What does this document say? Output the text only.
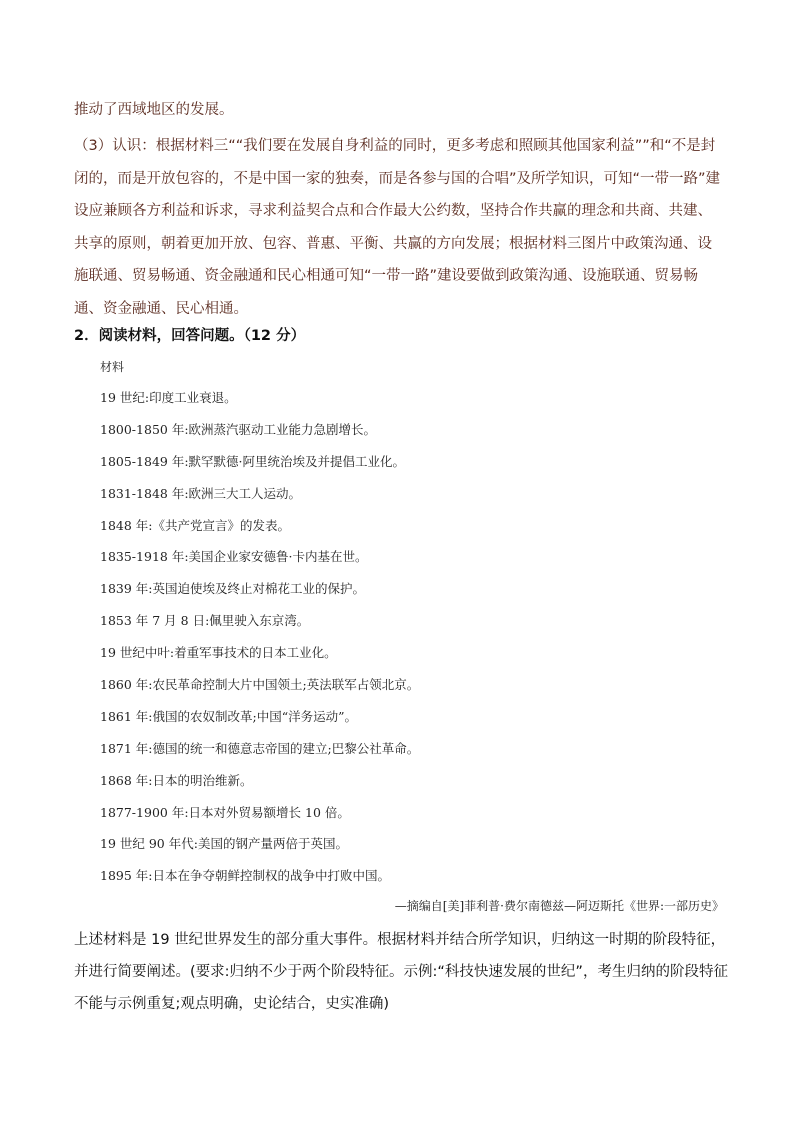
推动了西域地区的发展。

（3）认识：根据材料三““我们要在发展自身利益的同时，更多考虑和照顾其他国家利益””和“不是封闭的，而是开放包容的，不是中国一家的独奏，而是各参与国的合唱”及所学知识，可知“一带一路”建设应兼顾各方利益和诉求，寻求利益契合点和合作最大公约数，坚持合作共赢的理念和共商、共建、共享的原则，朝着更加开放、包容、普惠、平衡、共赢的方向发展；根据材料三图片中政策沟通、设施联通、贸易畅通、资金融通和民心相通可知“一带一路”建设要做到政策沟通、设施联通、贸易畅通、资金融通、民心相通。

2．阅读材料，回答问题。（12 分）
材料
19 世纪:印度工业衰退。
1800-1850 年:欧洲蒸汽驱动工业能力急剧增长。
1805-1849 年:默罕默德·阿里统治埃及并提倡工业化。
1831-1848 年:欧洲三大工人运动。
1848 年:《共产党宣言》的发表。
1835-1918 年:美国企业家安德鲁·卡内基在世。
1839 年:英国迫使埃及终止对棉花工业的保护。
1853 年 7 月 8 日:佩里驶入东京湾。
19 世纪中叶:着重军事技术的日本工业化。
1860 年:农民革命控制大片中国领土;英法联军占领北京。
1861 年:俄国的农奴制改革;中国“洋务运动”。
1871 年:德国的统一和德意志帝国的建立;巴黎公社革命。
1868 年:日本的明治维新。
1877-1900 年:日本对外贸易额增长 10 倍。
19 世纪 90 年代:美国的钢产量两倍于英国。
1895 年:日本在争夺朝鲜控制权的战争中打败中国。
—摘编自[美]菲利普·费尔南德兹—阿迈斯托《世界:一部历史》
上述材料是 19 世纪世界发生的部分重大事件。根据材料并结合所学知识，归纳这一时期的阶段特征，并进行简要阐述。(要求:归纳不少于两个阶段特征。示例:“科技快速发展的世纪”，考生归纳的阶段特征不能与示例重复;观点明确，史论结合，史实准确)
